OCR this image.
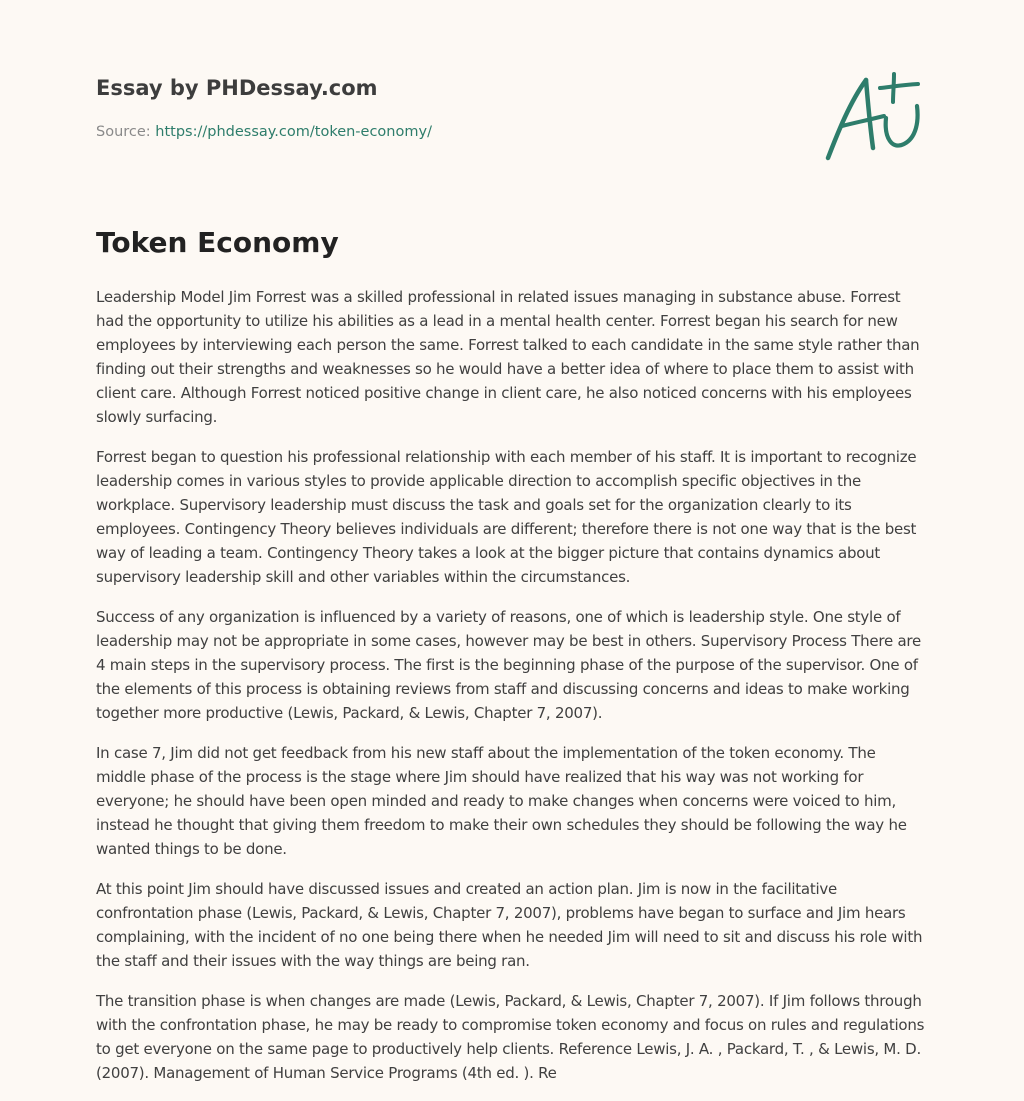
Essay by PHDessay.com
Source: https://phdessay.com/token-economy/
Token Economy

Leadership Model Jim Forrest was a skilled professional in related issues managing in substance abuse. Forrest had the opportunity to utilize his abilities as a lead in a mental health center. Forrest began his search for new employees by interviewing each person the same. Forrest talked to each candidate in the same style rather than finding out their strengths and weaknesses so he would have a better idea of where to place them to assist with client care. Although Forrest noticed positive change in client care, he also noticed concerns with his employees slowly surfacing.

Forrest began to question his professional relationship with each member of his staff. It is important to recognize leadership comes in various styles to provide applicable direction to accomplish specific objectives in the workplace. Supervisory leadership must discuss the task and goals set for the organization clearly to its employees. Contingency Theory believes individuals are different; therefore there is not one way that is the best way of leading a team. Contingency Theory takes a look at the bigger picture that contains dynamics about supervisory leadership skill and other variables within the circumstances.

Success of any organization is influenced by a variety of reasons, one of which is leadership style. One style of leadership may not be appropriate in some cases, however may be best in others. Supervisory Process There are 4 main steps in the supervisory process. The first is the beginning phase of the purpose of the supervisor. One of the elements of this process is obtaining reviews from staff and discussing concerns and ideas to make working together more productive (Lewis, Packard, & Lewis, Chapter 7, 2007).

In case 7, Jim did not get feedback from his new staff about the implementation of the token economy. The middle phase of the process is the stage where Jim should have realized that his way was not working for everyone; he should have been open minded and ready to make changes when concerns were voiced to him, instead he thought that giving them freedom to make their own schedules they should be following the way he wanted things to be done.

At this point Jim should have discussed issues and created an action plan. Jim is now in the facilitative confrontation phase (Lewis, Packard, & Lewis, Chapter 7, 2007), problems have began to surface and Jim hears complaining, with the incident of no one being there when he needed Jim will need to sit and discuss his role with the staff and their issues with the way things are being ran.

The transition phase is when changes are made (Lewis, Packard, & Lewis, Chapter 7, 2007). If Jim follows through with the confrontation phase, he may be ready to compromise token economy and focus on rules and regulations to get everyone on the same page to productively help clients. Reference Lewis, J. A. , Packard, T. , & Lewis, M. D. (2007). Management of Human Service Programs (4th ed. ). Re
